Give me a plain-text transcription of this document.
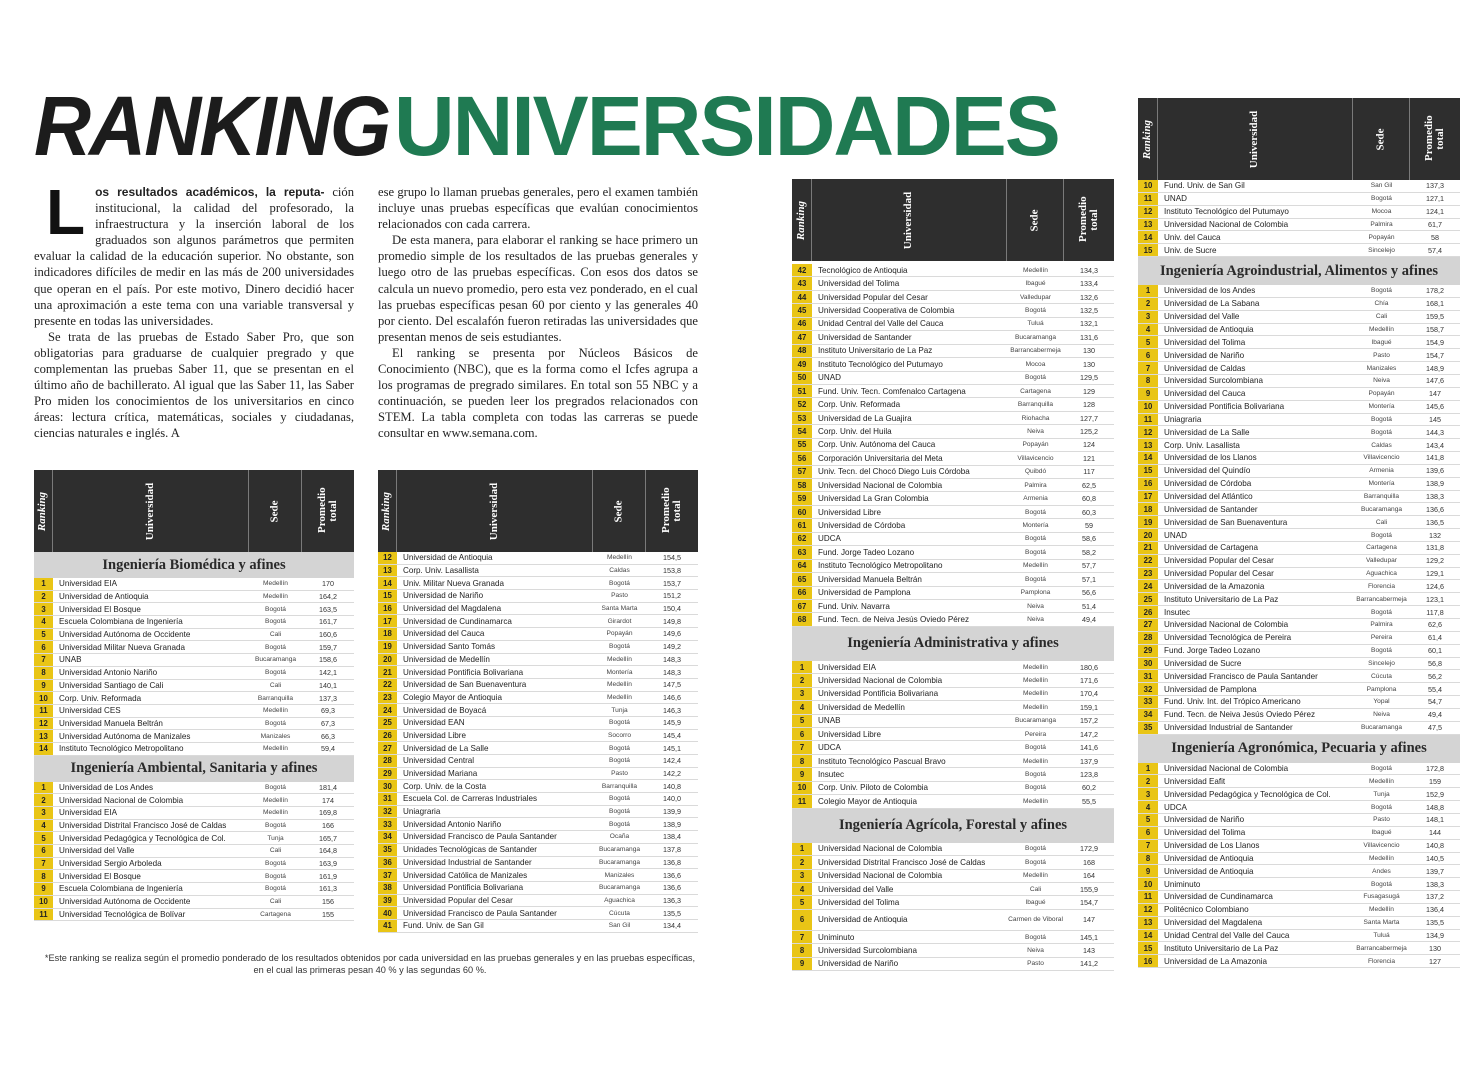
RANKINGUNIVERSIDADES

Los resultados académicos, la reputa- ción institucional, la calidad del profesorado, la infraestructura y la inserción laboral de los graduados son algunos parámetros que permiten evaluar la calidad de la educación superior. No obstante, son indicadores difíciles de medir en las más de 200 universidades que operan en el país. Por este motivo, Dinero decidió hacer una aproximación a este tema con una variable transversal y presente en todas las universidades.

Se trata de las pruebas de Estado Saber Pro, que son obligatorias para graduarse de cualquier pregrado y que complementan las pruebas Saber 11, que se presentan en el último año de bachillerato. Al igual que las Saber 11, las Saber Pro miden los conocimientos de los universitarios en cinco áreas: lectura crítica, matemáticas, sociales y ciudadanas, ciencias naturales e inglés. A

ese grupo lo llaman pruebas generales, pero el examen también incluye unas pruebas específicas que evalúan conocimientos relacionados con cada carrera.

De esta manera, para elaborar el ranking se hace primero un promedio simple de los resultados de las pruebas generales y luego otro de las pruebas específicas. Con esos dos datos se calcula un nuevo promedio, pero esta vez ponderado, en el cual las pruebas específicas pesan 60 por ciento y las generales 40 por ciento. Del escalafón fueron retiradas las universidades que presentan menos de seis estudiantes.

El ranking se presenta por Núcleos Básicos de Conocimiento (NBC), que es la forma como el Icfes agrupa a los programas de pregrado similares. En total son 55 NBC y a continuación, se pueden leer los pregrados relacionados con STEM. La tabla completa con todas las carreras se puede consultar en www.semana.com.

Ranking	Universidad	Sede	Promedio total
Ingeniería Biomédica y afines
1	Universidad EIA	Medellín	170
2	Universidad de Antioquia	Medellín	164,2
3	Universidad El Bosque	Bogotá	163,5
4	Escuela Colombiana de Ingeniería	Bogotá	161,7
5	Universidad Autónoma de Occidente	Cali	160,6
6	Universidad Militar Nueva Granada	Bogotá	159,7
7	UNAB	Bucaramanga	158,6
8	Universidad Antonio Nariño	Bogotá	142,1
9	Universidad Santiago de Cali	Cali	140,1
10	Corp. Univ. Reformada	Barranquilla	137,3
11	Universidad CES	Medellín	69,3
12	Universidad Manuela Beltrán	Bogotá	67,3
13	Universidad Autónoma de Manizales	Manizales	66,3
14	Instituto Tecnológico Metropolitano	Medellín	59,4
Ingeniería Ambiental, Sanitaria y afines
1	Universidad de Los Andes	Bogotá	181,4
2	Universidad Nacional de Colombia	Medellín	174
3	Universidad EIA	Medellín	169,8
4	Universidad Distrital Francisco José de Caldas	Bogotá	166
5	Universidad Pedagógica y Tecnológica de Col.	Tunja	165,7
6	Universidad del Valle	Cali	164,8
7	Universidad Sergio Arboleda	Bogotá	163,9
8	Universidad El Bosque	Bogotá	161,9
9	Escuela Colombiana de Ingeniería	Bogotá	161,3
10	Universidad Autónoma de Occidente	Cali	156
11	Universidad Tecnológica de Bolívar	Cartagena	155
Ranking	Universidad	Sede	Promedio total
12	Universidad de Antioquia	Medellín	154,5
13	Corp. Univ. Lasallista	Caldas	153,8
14	Univ. Militar Nueva Granada	Bogotá	153,7
15	Universidad de Nariño	Pasto	151,2
16	Universidad del Magdalena	Santa Marta	150,4
17	Universidad de Cundinamarca	Girardot	149,8
18	Universidad del Cauca	Popayán	149,6
19	Universidad Santo Tomás	Bogotá	149,2
20	Universidad de Medellín	Medellín	148,3
21	Universidad Pontificia Bolivariana	Montería	148,3
22	Universidad de San Buenaventura	Medellín	147,5
23	Colegio Mayor de Antioquia	Medellín	146,6
24	Universidad de Boyacá	Tunja	146,3
25	Universidad EAN	Bogotá	145,9
26	Universidad Libre	Socorro	145,4
27	Universidad de La Salle	Bogotá	145,1
28	Universidad Central	Bogotá	142,4
29	Universidad Mariana	Pasto	142,2
30	Corp. Univ. de la Costa	Barranquilla	140,8
31	Escuela Col. de Carreras Industriales	Bogotá	140,0
32	Uniagraria	Bogotá	139,9
33	Universidad Antonio Nariño	Bogotá	138,9
34	Universidad Francisco de Paula Santander	Ocaña	138,4
35	Unidades Tecnológicas de Santander	Bucaramanga	137,8
36	Universidad Industrial de Santander	Bucaramanga	136,8
37	Universidad Católica de Manizales	Manizales	136,6
38	Universidad Pontificia Bolivariana	Bucaramanga	136,6
39	Universidad Popular del Cesar	Aguachica	136,3
40	Universidad Francisco de Paula Santander	Cúcuta	135,5
41	Fund. Univ. de San Gil	San Gil	134,4
Ranking	Universidad	Sede	Promedio total
42	Tecnológico de Antioquia	Medellín	134,3
43	Universidad del Tolima	Ibagué	133,4
44	Universidad Popular del Cesar	Valledupar	132,6
45	Universidad Cooperativa de Colombia	Bogotá	132,5
46	Unidad Central del Valle del Cauca	Tuluá	132,1
47	Universidad de Santander	Bucaramanga	131,6
48	Instituto Universitario de La Paz	Barrancabermeja	130
49	Instituto Tecnológico del Putumayo	Mocoa	130
50	UNAD	Bogotá	129,5
51	Fund. Univ. Tecn. Comfenalco Cartagena	Cartagena	129
52	Corp. Univ. Reformada	Barranquilla	128
53	Universidad de La Guajira	Riohacha	127,7
54	Corp. Univ. del Huila	Neiva	125,2
55	Corp. Univ. Autónoma del Cauca	Popayán	124
56	Corporación Universitaria del Meta	Villavicencio	121
57	Univ. Tecn. del Chocó Diego Luis Córdoba	Quibdó	117
58	Universidad Nacional de Colombia	Palmira	62,5
59	Universidad La Gran Colombia	Armenia	60,8
60	Universidad Libre	Bogotá	60,3
61	Universidad de Córdoba	Montería	59
62	UDCA	Bogotá	58,6
63	Fund. Jorge Tadeo Lozano	Bogotá	58,2
64	Instituto Tecnológico Metropolitano	Medellín	57,7
65	Universidad Manuela Beltrán	Bogotá	57,1
66	Universidad de Pamplona	Pamplona	56,6
67	Fund. Univ. Navarra	Neiva	51,4
68	Fund. Tecn. de Neiva Jesús Oviedo Pérez	Neiva	49,4
Ingeniería Administrativa y afines
1	Universidad EIA	Medellín	180,6
2	Universidad Nacional de Colombia	Medellín	171,6
3	Universidad Pontificia Bolivariana	Medellín	170,4
4	Universidad de Medellín	Medellín	159,1
5	UNAB	Bucaramanga	157,2
6	Universidad Libre	Pereira	147,2
7	UDCA	Bogotá	141,6
8	Instituto Tecnológico Pascual Bravo	Medellín	137,9
9	Insutec	Bogotá	123,8
10	Corp. Univ. Piloto de Colombia	Bogotá	60,2
11	Colegio Mayor de Antioquia	Medellín	55,5
Ingeniería Agrícola, Forestal y afines
1	Universidad Nacional de Colombia	Bogotá	172,9
2	Universidad Distrital Francisco José de Caldas	Bogotá	168
3	Universidad Nacional de Colombia	Medellín	164
4	Universidad del Valle	Cali	155,9
5	Universidad del Tolima	Ibagué	154,7
6	Universidad de Antioquia	Carmen de Viboral	147
7	Uniminuto	Bogotá	145,1
8	Universidad Surcolombiana	Neiva	143
9	Universidad de Nariño	Pasto	141,2
Ranking	Universidad	Sede	Promedio total
10	Fund. Univ. de San Gil	San Gil	137,3
11	UNAD	Bogotá	127,1
12	Instituto Tecnológico del Putumayo	Mocoa	124,1
13	Universidad Nacional de Colombia	Palmira	61,7
14	Univ. del Cauca	Popayán	58
15	Univ. de Sucre	Sincelejo	57,4
Ingeniería Agroindustrial, Alimentos y afines
1	Universidad de los Andes	Bogotá	178,2
2	Universidad de La Sabana	Chía	168,1
3	Universidad del Valle	Cali	159,5
4	Universidad de Antioquia	Medellín	158,7
5	Universidad del Tolima	Ibagué	154,9
6	Universidad de Nariño	Pasto	154,7
7	Universidad de Caldas	Manizales	148,9
8	Universidad Surcolombiana	Neiva	147,6
9	Universidad del Cauca	Popayán	147
10	Universidad Pontificia Bolivariana	Montería	145,6
11	Uniagraria	Bogotá	145
12	Universidad de La Salle	Bogotá	144,3
13	Corp. Univ. Lasallista	Caldas	143,4
14	Universidad de los Llanos	Villavicencio	141,8
15	Universidad del Quindío	Armenia	139,6
16	Universidad de Córdoba	Montería	138,9
17	Universidad del Atlántico	Barranquilla	138,3
18	Universidad de Santander	Bucaramanga	136,6
19	Universidad de San Buenaventura	Cali	136,5
20	UNAD	Bogotá	132
21	Universidad de Cartagena	Cartagena	131,8
22	Universidad Popular del Cesar	Valledupar	129,2
23	Universidad Popular del Cesar	Aguachica	129,1
24	Universidad de la Amazonia	Florencia	124,6
25	Instituto Universitario de La Paz	Barrancabermeja	123,1
26	Insutec	Bogotá	117,8
27	Universidad Nacional de Colombia	Palmira	62,6
28	Universidad Tecnológica de Pereira	Pereira	61,4
29	Fund. Jorge Tadeo Lozano	Bogotá	60,1
30	Universidad de Sucre	Sincelejo	56,8
31	Universidad Francisco de Paula Santander	Cúcuta	56,2
32	Universidad de Pamplona	Pamplona	55,4
33	Fund. Univ. Int. del Trópico Americano	Yopal	54,7
34	Fund. Tecn. de Neiva Jesús Oviedo Pérez	Neiva	49,4
35	Universidad Industrial de Santander	Bucaramanga	47,5
Ingeniería Agronómica, Pecuaria y afines
1	Universidad Nacional de Colombia	Bogotá	172,8
2	Universidad Eafit	Medellín	159
3	Universidad Pedagógica y Tecnológica de Col.	Tunja	152,9
4	UDCA	Bogotá	148,8
5	Universidad de Nariño	Pasto	148,1
6	Universidad del Tolima	Ibagué	144
7	Universidad de Los Llanos	Villavicencio	140,8
8	Universidad de Antioquia	Medellín	140,5
9	Universidad de Antioquia	Andes	139,7
10	Uniminuto	Bogotá	138,3
11	Universidad de Cundinamarca	Fusagasugá	137,2
12	Politécnico Colombiano	Medellín	136,4
13	Universidad del Magdalena	Santa Marta	135,5
14	Unidad Central del Valle del Cauca	Tuluá	134,9
15	Instituto Universitario de La Paz	Barrancabermeja	130
16	Universidad de La Amazonia	Florencia	127
*Este ranking se realiza según el promedio ponderado de los resultados obtenidos por cada universidad en las pruebas generales y en las pruebas específicas, en el cual las primeras pesan 40 % y las segundas 60 %.
